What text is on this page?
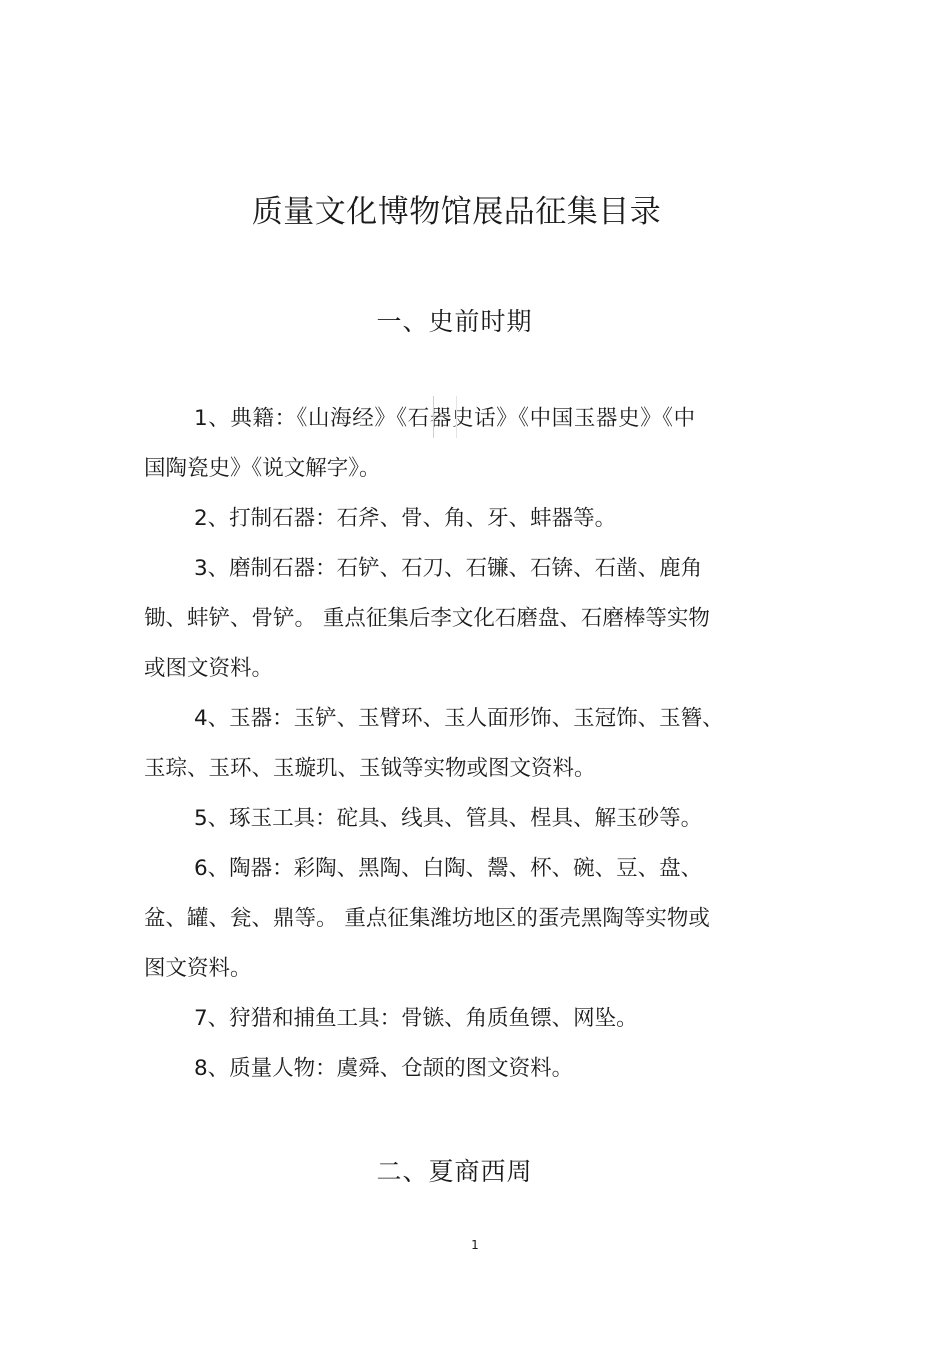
质量文化博物馆展品征集目录
一、史前时期
1、典籍：《山海经》《石器史话》《中国玉器史》《中
国陶瓷史》《说文解字》。
2、打制石器：石斧、骨、角、牙、蚌器等。
3、磨制石器：石铲、石刀、石镰、石锛、石凿、鹿角
锄、蚌铲、骨铲。 重点征集后李文化石磨盘、石磨棒等实物
或图文资料。
4、玉器：玉铲、玉臂环、玉人面形饰、玉冠饰、玉簪、
玉琮、玉环、玉璇玑、玉钺等实物或图文资料。
5、琢玉工具：砣具、线具、管具、桯具、解玉砂等。
6、陶器：彩陶、黑陶、白陶、鬶、杯、碗、豆、盘、
盆、罐、瓮、鼎等。 重点征集潍坊地区的蛋壳黑陶等实物或
图文资料。
7、狩猎和捕鱼工具：骨镞、角质鱼镖、网坠。
8、质量人物：虞舜、仓颉的图文资料。
二、夏商西周
1
